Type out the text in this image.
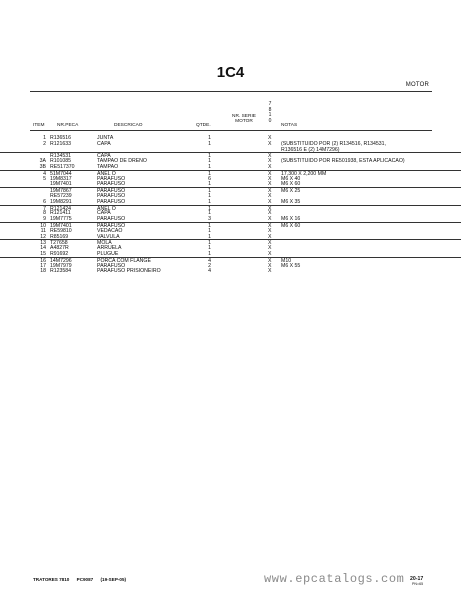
1C4
MOTOR
7
8
1
0
ITEM	NR.PECA	DESCRICAO	QTDE.
NR. SERIE
MOTOR
NOTAS
1 R136516	JUNTA	1	X
2 R121633	CAPA	1	X (SUBSTITUIDO POR (2) R134516, R134531,
R136516 E (2) 14M7296)
R134531	CAPA	1	X
3A R101085	TAMPAO DE DRENO	1	X (SUBSTITUIDO POR RE501938, ESTA APLICACAO)
3B RE517370	TAMPAO	1	X
4 51M7044	ANEL O	1	X 17,300 X 2,200 MM
5 19M8317	PARAFUSO	6	X M6 X 40
19M7401	PARAFUSO	1	X M6 X 60
19M7867	PARAFUSO	1	X M6 X 25
RE57239	PARAFUSO	1	X
6 19M8291	PARAFUSO	1	X M6 X 35
7 R121424	ANEL O	1	X
8 R121411	CAPA	1	X
9 19M7775	PARAFUSO	3	X M6 X 16
10 19M7401	PARAFUSO	1	X M6 X 60
11 RE59810	VEDACAO	1	X
12 R85169	VALVULA	1	X
13 T27658	MOLA	1	X
14 A4827R	ARRUELA	1	X
15 R91692	PLUGUE	1	X
16 14M7296	PORCA COM FLANGE	4	X M10
17 19M7979	PARAFUSO	2	X M6 X 55
18 R123584	PARAFUSO PRISIONEIRO	4	X
TRATORES 7810 PC9087 (19-SEP-05)	www.epcatalogs.com 20-17
PN=65
